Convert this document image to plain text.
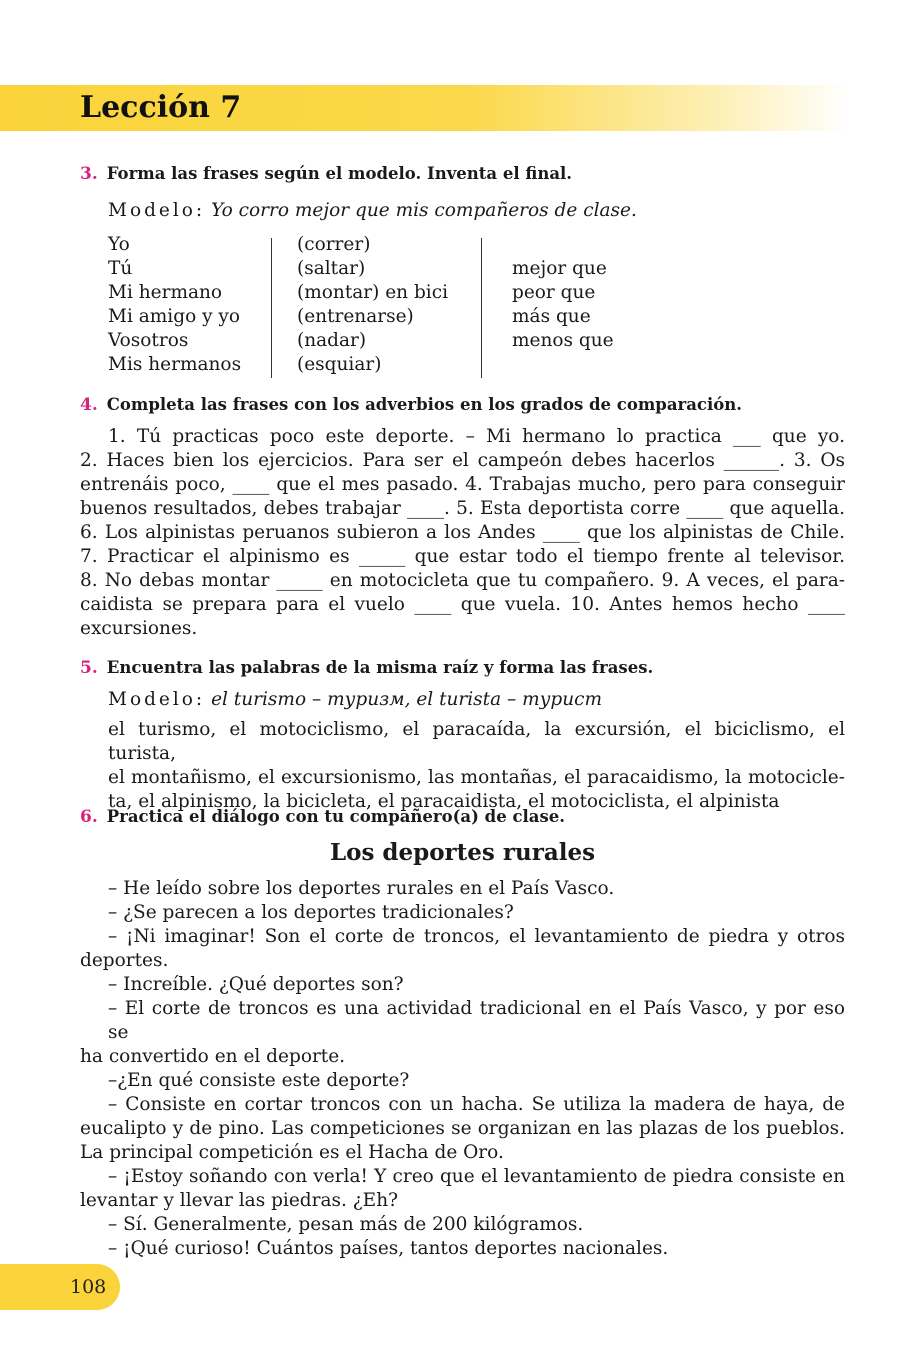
Lección 7

3. Forma las frases según el modelo. Inventa el final.

Modelo: Yo corro mejor que mis compañeros de clase.

Yo
Tú
Mi hermano
Mi amigo y yo
Vosotros
Mis hermanos
(correr)
(saltar)
(montar) en bici
(entrenarse)
(nadar)
(esquiar)
mejor que
peor que
más que
menos que

4. Completa las frases con los adverbios en los grados de comparación.

1. Tú practicas poco este deporte. – Mi hermano lo practica ___ que yo.
2. Haces bien los ejercicios. Para ser el campeón debes hacerlos ______. 3. Os
entrenáis poco, ____ que el mes pasado. 4. Trabajas mucho, pero para conseguir
buenos resultados, debes trabajar ____. 5. Esta deportista corre ____ que aquella.
6. Los alpinistas peruanos subieron a los Andes ____ que los alpinistas de Chile.
7. Practicar el alpinismo es _____ que estar todo el tiempo frente al televisor.
8. No debas montar _____ en motocicleta que tu compañero. 9. A veces, el para-
caidista se prepara para el vuelo ____ que vuela. 10. Antes hemos hecho ____
excursiones.

5. Encuentra las palabras de la misma raíz y forma las frases.

Modelo: el turismo – туризм, el turista – турист

el turismo, el motociclismo, el paracaída, la excursión, el biciclismo, el turista,
el montañismo, el excursionismo, las montañas, el paracaidismo, la motocicle-
ta, el alpinismo, la bicicleta, el paracaidista, el motociclista, el alpinista

6. Practica el diálogo con tu compañero(a) de clase.

Los deportes rurales
– He leído sobre los deportes rurales en el País Vasco.
– ¿Se parecen a los deportes tradicionales?
– ¡Ni imaginar! Son el corte de troncos, el levantamiento de piedra y otros
deportes.
– Increíble. ¿Qué deportes son?
– El corte de troncos es una actividad tradicional en el País Vasco, y por eso se
ha convertido en el deporte.
–¿En qué consiste este deporte?
– Consiste en cortar troncos con un hacha. Se utiliza la madera de haya, de
eucalipto y de pino. Las competiciones se organizan en las plazas de los pueblos.
La principal competición es el Hacha de Oro.
– ¡Estoy soñando con verla! Y creo que el levantamiento de piedra consiste en
levantar y llevar las piedras. ¿Eh?
– Sí. Generalmente, pesan más de 200 kilógramos.
– ¡Qué curioso! Cuántos países, tantos deportes nacionales.

108
